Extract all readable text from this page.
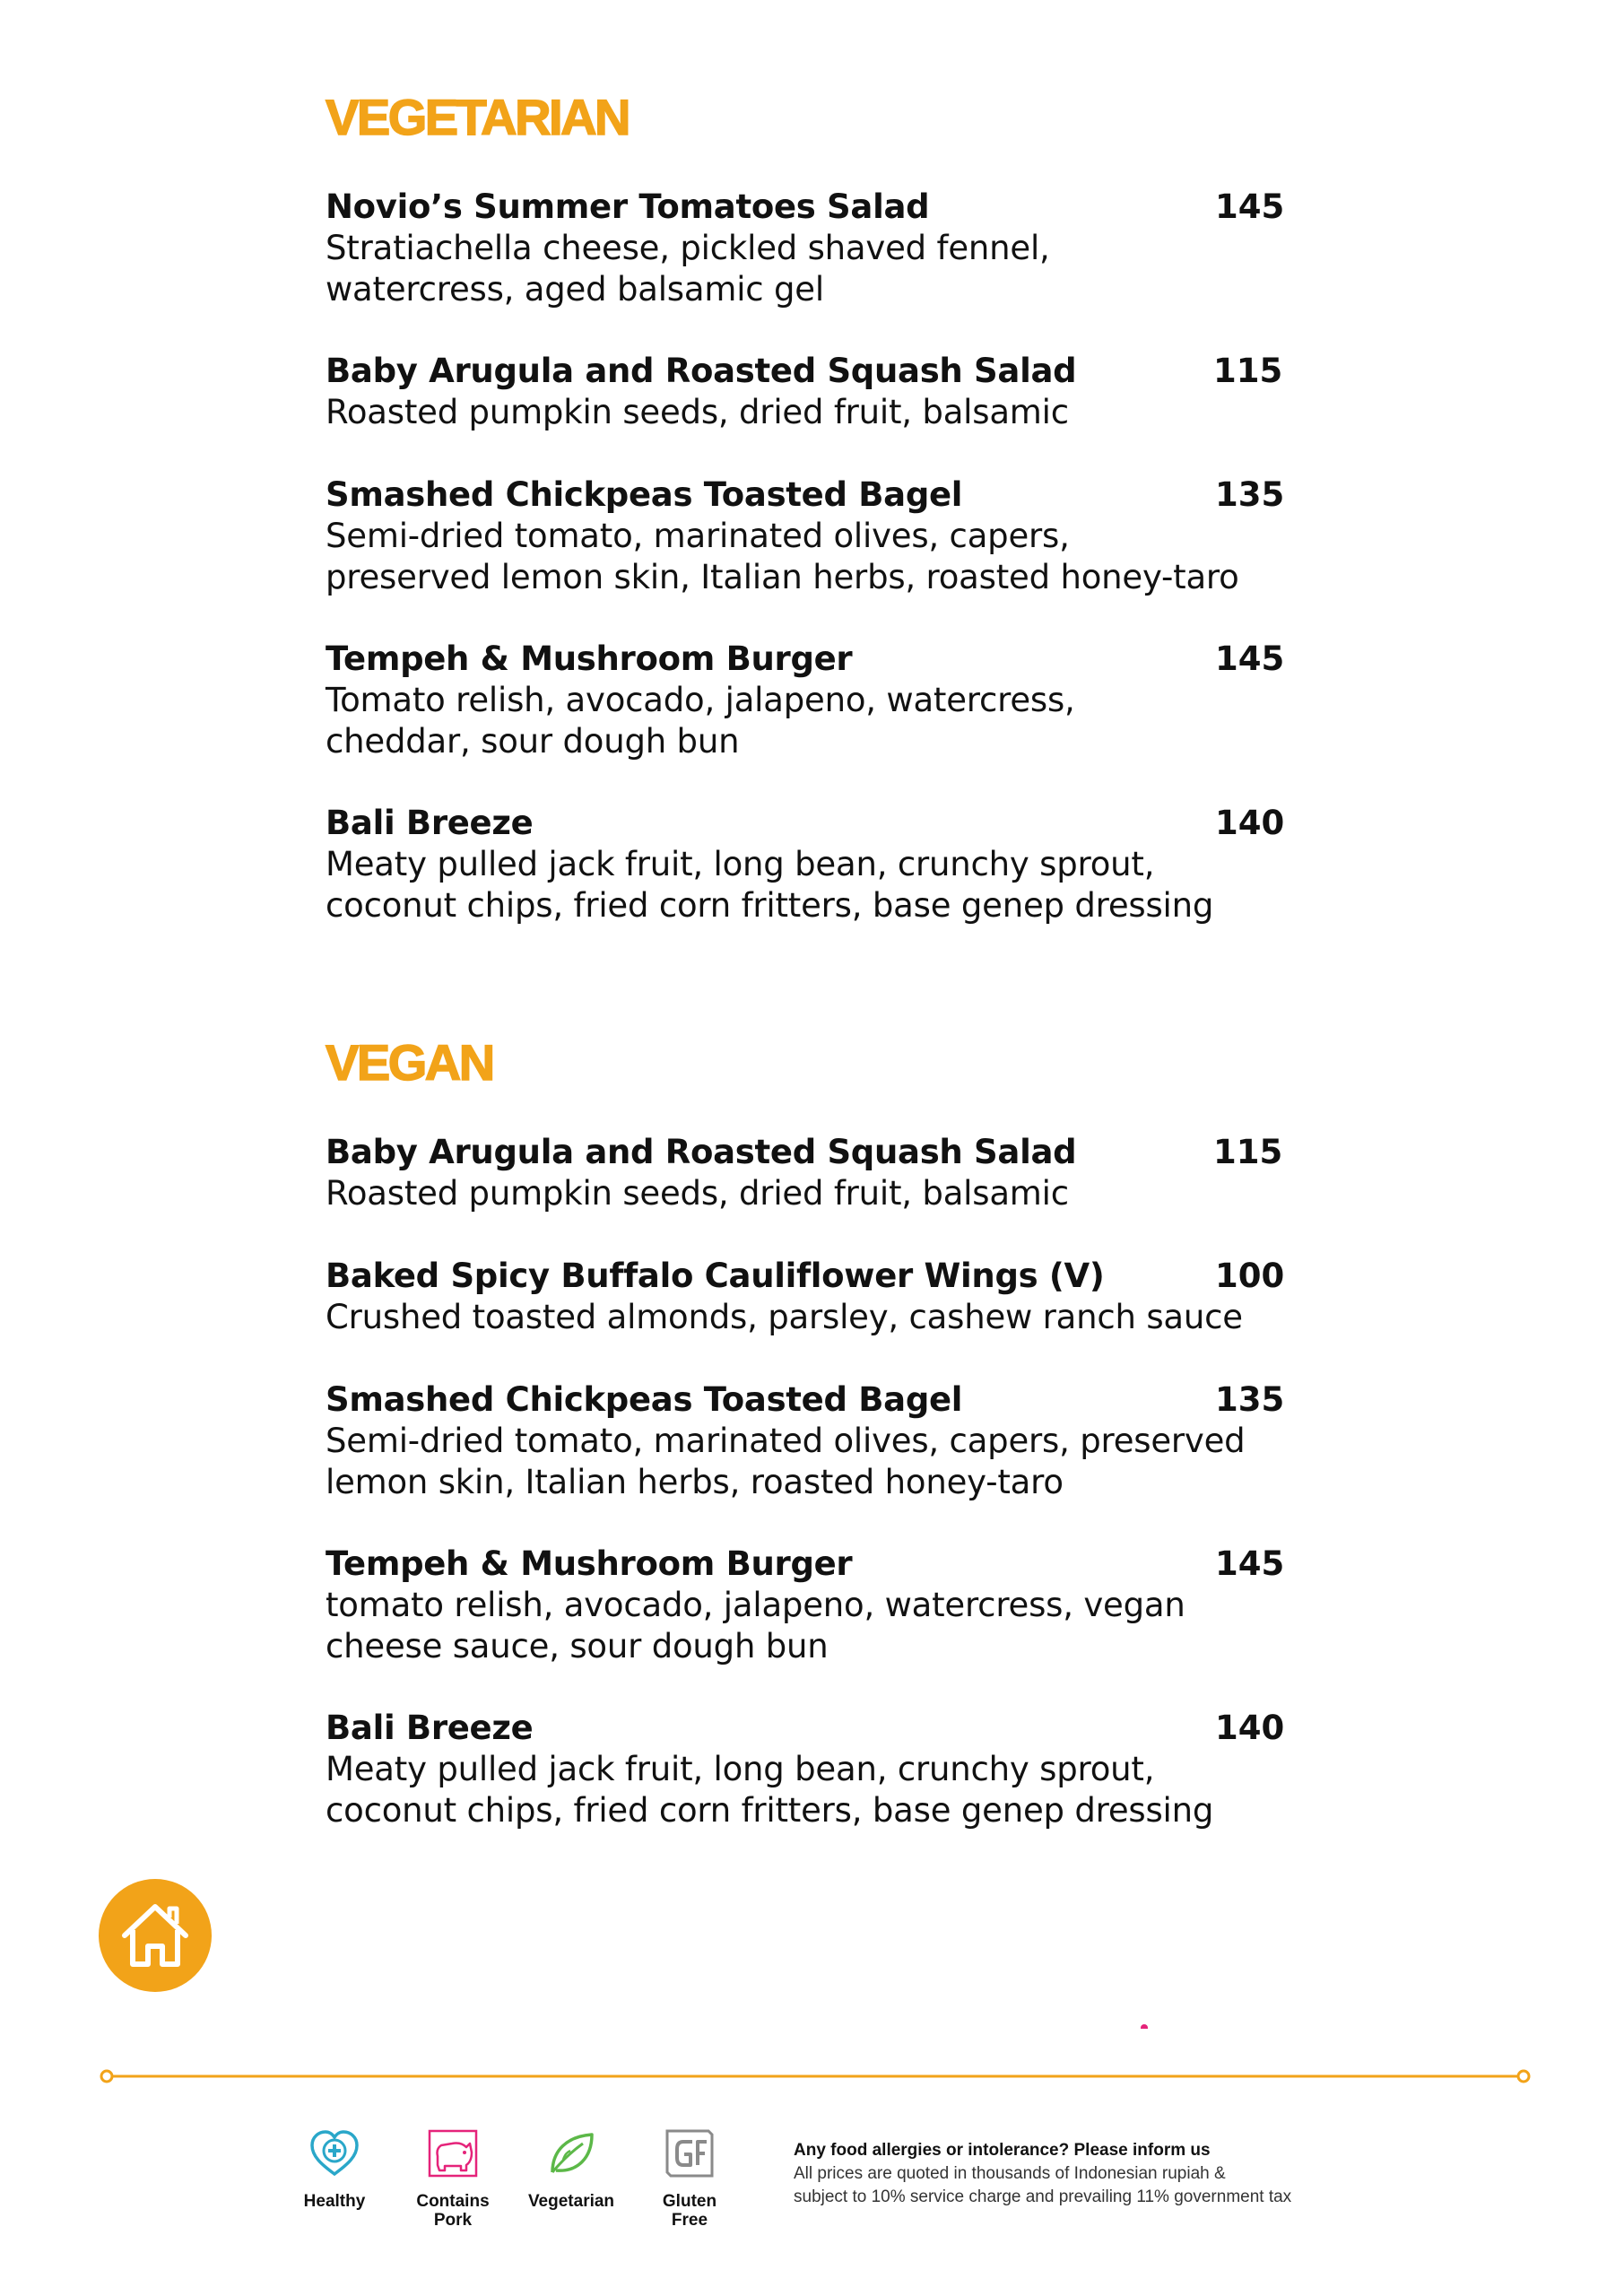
VEGETARIAN
Novio’s Summer Tomatoes Salad	145
Stratiachella cheese, pickled shaved fennel,
watercress, aged balsamic gel
Baby Arugula and Roasted Squash Salad	115
Roasted pumpkin seeds, dried fruit, balsamic
Smashed Chickpeas Toasted Bagel	135
Semi-dried tomato, marinated olives, capers,
preserved lemon skin, Italian herbs, roasted honey-taro
Tempeh & Mushroom Burger	145
Tomato relish, avocado, jalapeno, watercress,
cheddar, sour dough bun
Bali Breeze	140
Meaty pulled jack fruit, long bean, crunchy sprout,
coconut chips, fried corn fritters, base genep dressing
VEGAN
Baby Arugula and Roasted Squash Salad	115
Roasted pumpkin seeds, dried fruit, balsamic
Baked Spicy Buffalo Cauliflower Wings (V)	100
Crushed toasted almonds, parsley, cashew ranch sauce
Smashed Chickpeas Toasted Bagel	135
Semi-dried tomato, marinated olives, capers, preserved
lemon skin, Italian herbs, roasted honey-taro
Tempeh & Mushroom Burger	145
tomato relish, avocado, jalapeno, watercress, vegan
cheese sauce, sour dough bun
Bali Breeze	140
Meaty pulled jack fruit, long bean, crunchy sprout,
coconut chips, fried corn fritters, base genep dressing
Healthy	Contains
Pork
Vegetarian	Gluten
Free
Any food allergies or intolerance? Please inform us
All prices are quoted in thousands of Indonesian rupiah &
subject to 10% service charge and prevailing 11% government tax
